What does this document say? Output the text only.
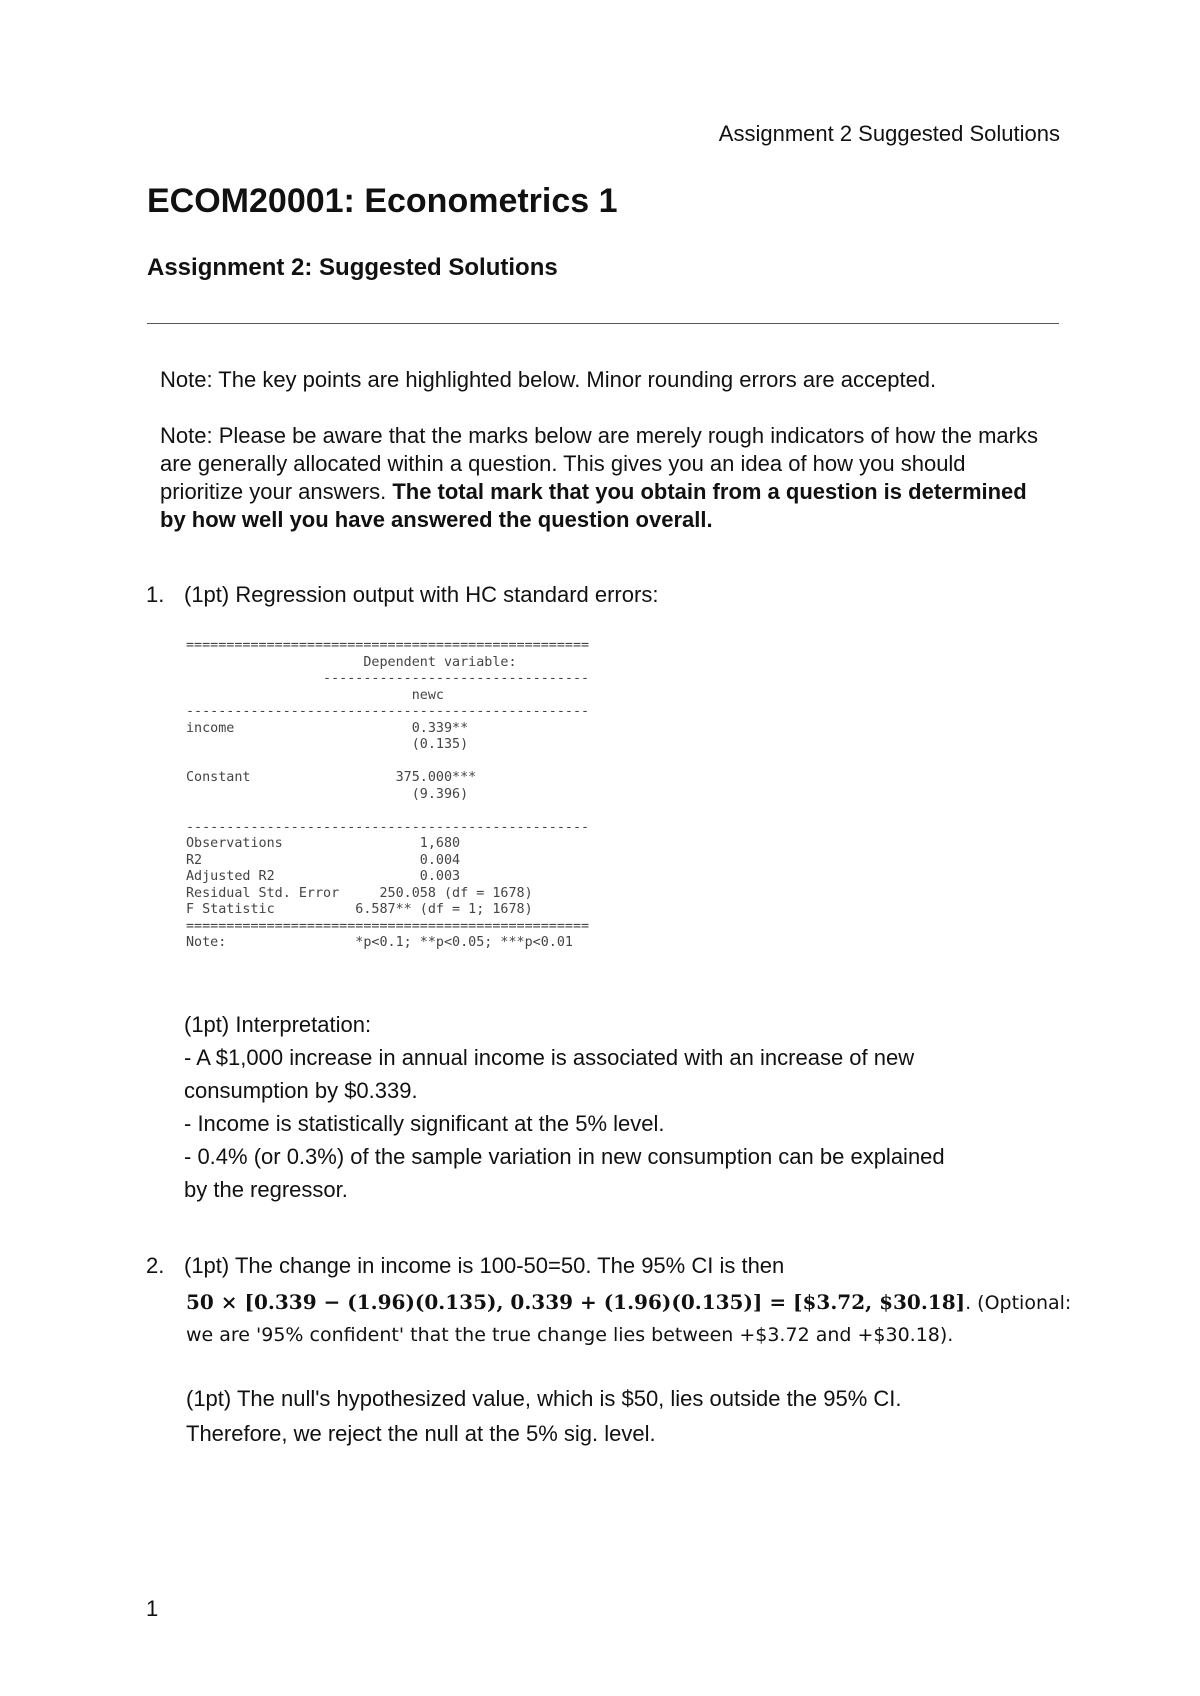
Assignment 2 Suggested Solutions
ECOM20001: Econometrics 1
Assignment 2: Suggested Solutions
Note: The key points are highlighted below. Minor rounding errors are accepted.
Note: Please be aware that the marks below are merely rough indicators of how the marks
are generally allocated within a question. This gives you an idea of how you should
prioritize your answers. The total mark that you obtain from a question is determined
by how well you have answered the question overall.
1. (1pt) Regression output with HC standard errors:
==================================================
Dependent variable:
---------------------------------
newc
--------------------------------------------------
income                      0.339**
(0.135)

Constant                  375.000***
(9.396)

--------------------------------------------------
Observations                 1,680
R2                           0.004
Adjusted R2                  0.003
Residual Std. Error     250.058 (df = 1678)
F Statistic          6.587** (df = 1; 1678)
==================================================
Note:                *p<0.1; **p<0.05; ***p<0.01
(1pt) Interpretation:
- A $1,000 increase in annual income is associated with an increase of new
consumption by $0.339.
- Income is statistically significant at the 5% level.
- 0.4% (or 0.3%) of the sample variation in new consumption can be explained
by the regressor.
2. (1pt) The change in income is 100-50=50. The 95% CI is then
50 × [0.339 − (1.96)(0.135), 0.339 + (1.96)(0.135)] = [$3.72, $30.18]. (Optional:
we are '95% confident' that the true change lies between +$3.72 and +$30.18).
(1pt) The null's hypothesized value, which is $50, lies outside the 95% CI.
Therefore, we reject the null at the 5% sig. level.
1
